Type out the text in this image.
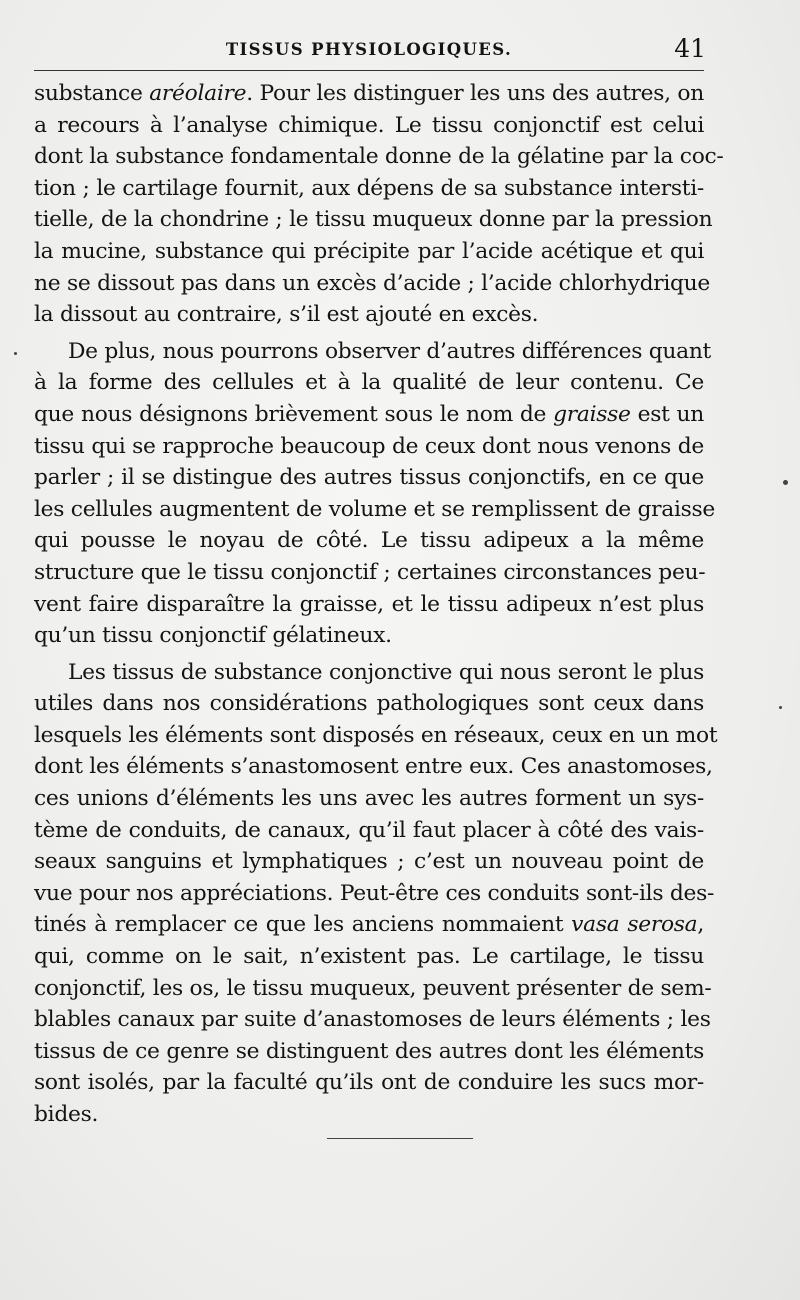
TISSUS PHYSIOLOGIQUES.	41
substance aréolaire. Pour les distinguer les uns des autres, on
a recours à l’analyse chimique. Le tissu conjonctif est celui
dont la substance fondamentale donne de la gélatine par la coc-
tion ; le cartilage fournit, aux dépens de sa substance intersti-
tielle, de la chondrine ; le tissu muqueux donne par la pression
la mucine, substance qui précipite par l’acide acétique et qui
ne se dissout pas dans un excès d’acide ; l’acide chlorhydrique
la dissout au contraire, s’il est ajouté en excès.
De plus, nous pourrons observer d’autres différences quant
à la forme des cellules et à la qualité de leur contenu. Ce
que nous désignons brièvement sous le nom de graisse est un
tissu qui se rapproche beaucoup de ceux dont nous venons de
parler ; il se distingue des autres tissus conjonctifs, en ce que
les cellules augmentent de volume et se remplissent de graisse
qui pousse le noyau de côté. Le tissu adipeux a la même
structure que le tissu conjonctif ; certaines circonstances peu-
vent faire disparaître la graisse, et le tissu adipeux n’est plus
qu’un tissu conjonctif gélatineux.
Les tissus de substance conjonctive qui nous seront le plus
utiles dans nos considérations pathologiques sont ceux dans
lesquels les éléments sont disposés en réseaux, ceux en un mot
dont les éléments s’anastomosent entre eux. Ces anastomoses,
ces unions d’éléments les uns avec les autres forment un sys-
tème de conduits, de canaux, qu’il faut placer à côté des vais-
seaux sanguins et lymphatiques ; c’est un nouveau point de
vue pour nos appréciations. Peut-être ces conduits sont-ils des-
tinés à remplacer ce que les anciens nommaient vasa serosa,
qui, comme on le sait, n’existent pas. Le cartilage, le tissu
conjonctif, les os, le tissu muqueux, peuvent présenter de sem-
blables canaux par suite d’anastomoses de leurs éléments ; les
tissus de ce genre se distinguent des autres dont les éléments
sont isolés, par la faculté qu’ils ont de conduire les sucs mor-
bides.
